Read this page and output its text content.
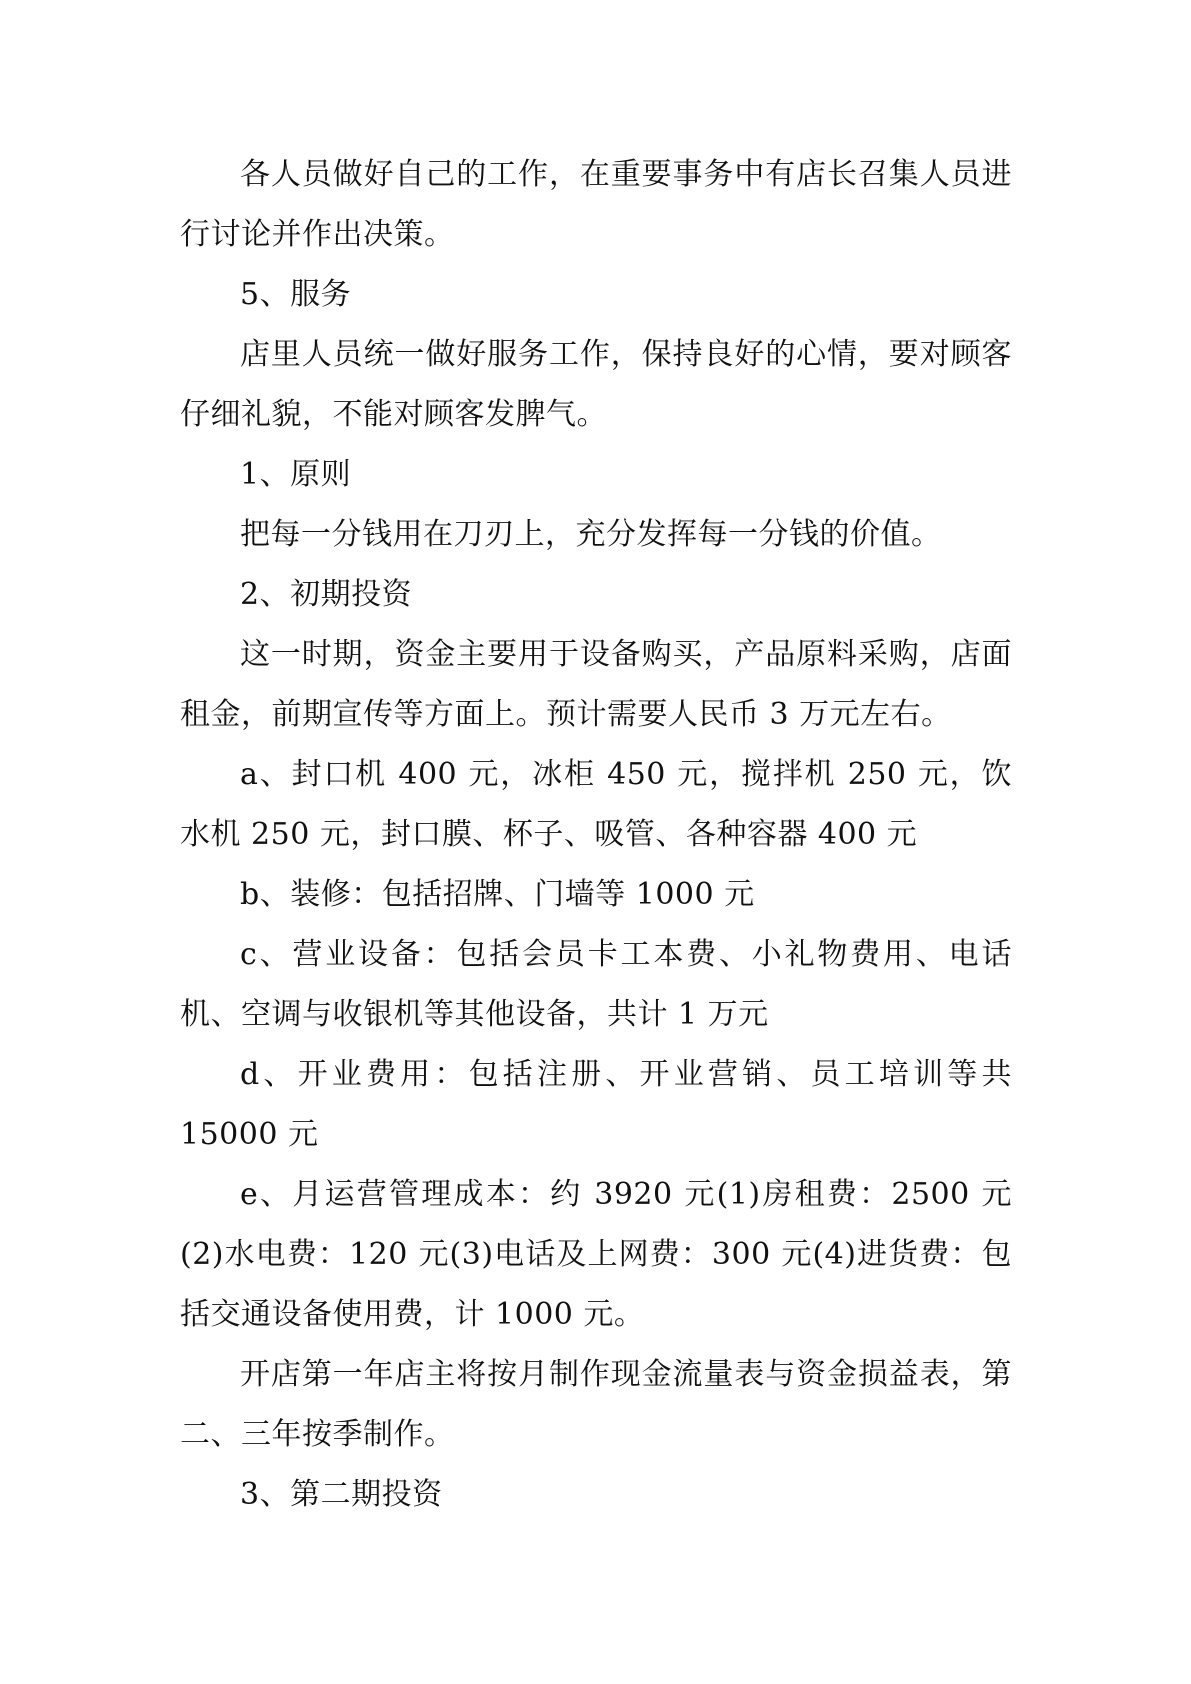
各人员做好自己的工作，在重要事务中有店长召集人员进行讨论并作出决策。

5、服务

店里人员统一做好服务工作，保持良好的心情，要对顾客仔细礼貌，不能对顾客发脾气。

1、原则

把每一分钱用在刀刃上，充分发挥每一分钱的价值。

2、初期投资

这一时期，资金主要用于设备购买，产品原料采购，店面租金，前期宣传等方面上。预计需要人民币 3 万元左右。

a、封口机 400 元，冰柜 450 元，搅拌机 250 元，饮水机 250 元，封口膜、杯子、吸管、各种容器 400 元

b、装修：包括招牌、门墙等 1000 元

c、营业设备：包括会员卡工本费、小礼物费用、电话机、空调与收银机等其他设备，共计 1 万元

d、开业费用：包括注册、开业营销、员工培训等共 15000 元

e、月运营管理成本：约 3920 元(1)房租费：2500 元(2)水电费：120 元(3)电话及上网费：300 元(4)进货费：包括交通设备使用费，计 1000 元。

开店第一年店主将按月制作现金流量表与资金损益表，第二、三年按季制作。

3、第二期投资
